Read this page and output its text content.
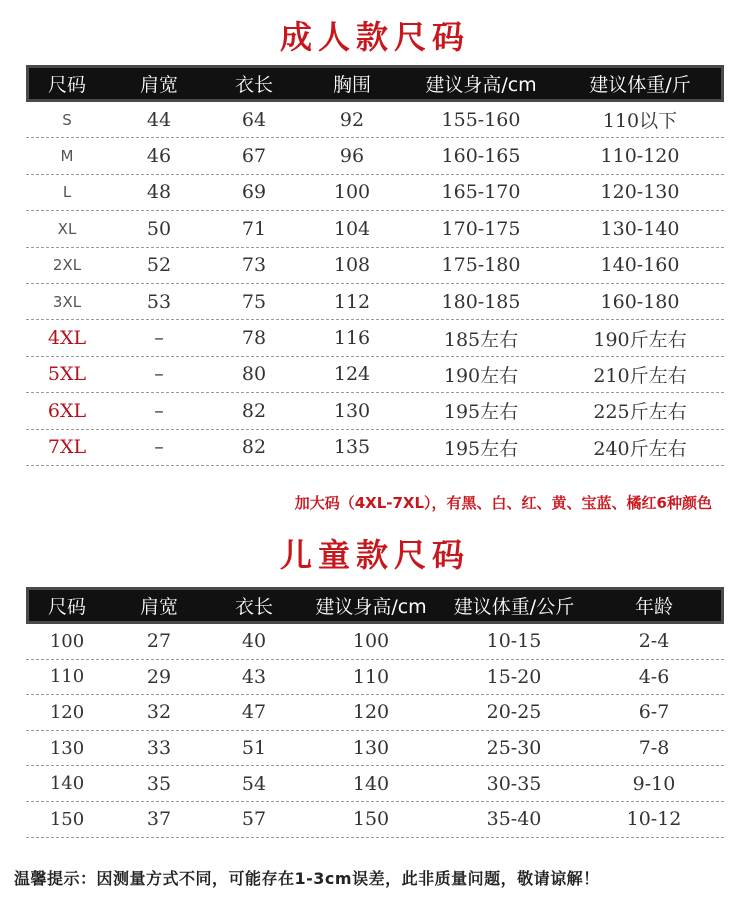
成人款尺码
尺码	肩宽	衣长	胸围	建议身高/cm	建议体重/斤
S	44	64	92	155-160	110以下
M	46	67	96	160-165	110-120
L	48	69	100	165-170	120-130
XL	50	71	104	170-175	130-140
2XL	52	73	108	175-180	140-160
3XL	53	75	112	180-185	160-180
4XL	–	78	116	185左右	190斤左右
5XL	–	80	124	190左右	210斤左右
6XL	–	82	130	195左右	225斤左右
7XL	–	82	135	195左右	240斤左右
加大码（4XL-7XL），有黑、白、红、黄、宝蓝、橘红6种颜色
儿童款尺码
尺码	肩宽	衣长	建议身高/cm	建议体重/公斤	年龄
100	27	40	100	10-15	2-4
110	29	43	110	15-20	4-6
120	32	47	120	20-25	6-7
130	33	51	130	25-30	7-8
140	35	54	140	30-35	9-10
150	37	57	150	35-40	10-12
温馨提示：因测量方式不同，可能存在1-3cm误差，此非质量问题，敬请谅解！
